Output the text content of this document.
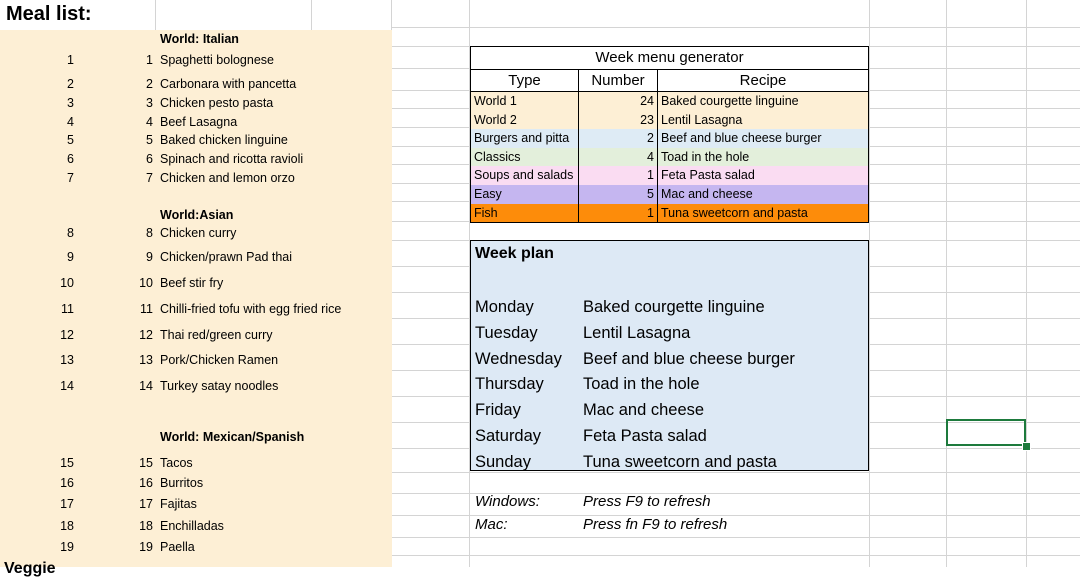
Meal list:
World: Italian
1	1 Spaghetti bolognese
2	2 Carbonara with pancetta
3	3 Chicken pesto pasta
4	4 Beef Lasagna
5	5 Baked chicken linguine
6	6 Spinach and ricotta ravioli
7	7 Chicken and lemon orzo
World:Asian
8	8 Chicken curry
9	9 Chicken/prawn Pad thai
10	10 Beef stir fry
11	11 Chilli-fried tofu with egg fried rice
12	12 Thai red/green curry
13	13 Pork/Chicken Ramen
14	14 Turkey satay noodles
World: Mexican/Spanish
15	15 Tacos
16	16 Burritos
17	17 Fajitas
18	18 Enchilladas
19	19 Paella
Veggie
Week menu generator
Type	Number	Recipe
World 1	24 Baked courgette linguine
World 2	23 Lentil Lasagna
Burgers and pitta	2 Beef and blue cheese burger
Classics	4 Toad in the hole
Soups and salads	1 Feta Pasta salad
Easy	5 Mac and cheese
Fish	1 Tuna sweetcorn and pasta
Week plan
Monday	Baked courgette linguine
Tuesday	Lentil Lasagna
Wednesday Beef and blue cheese burger
Thursday Toad in the hole
Friday	Mac and cheese
Saturday	Feta Pasta salad
Sunday	Tuna sweetcorn and pasta
Windows:	Press F9 to refresh
Mac:	Press fn F9 to refresh
